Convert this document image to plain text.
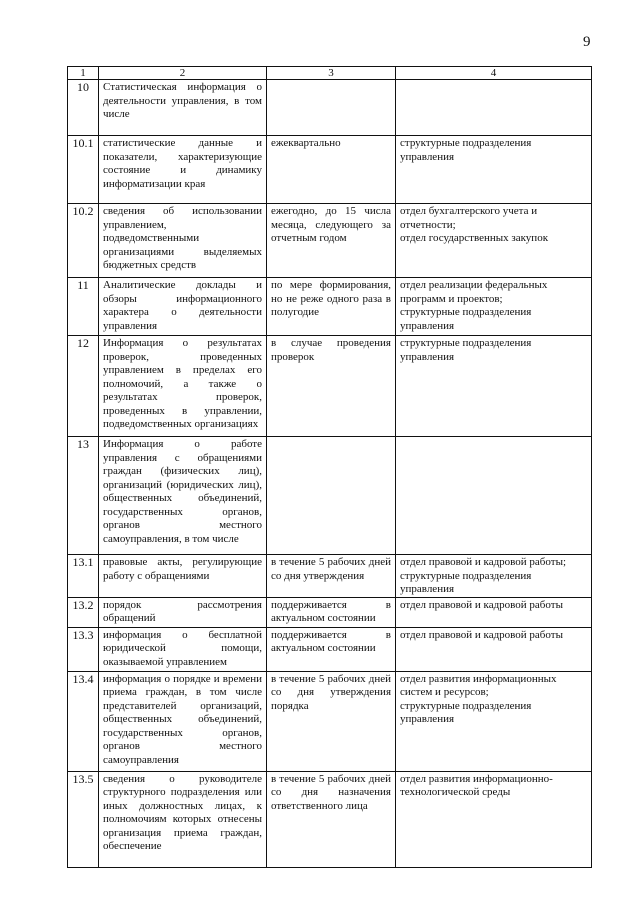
9
1	2	3	4
10	Статистическая информация о деятельности управления, в том числе		
10.1	статистические данные и показатели, характеризующие состояние и динамику информатизации края	ежеквартально	структурные подразделения управления

10.2	сведения об использовании управлением, подведомственными организациями выделяемых бюджетных средств	ежегодно, до 15 числа месяца, следующего за отчетным годом	отдел бухгалтерского учета и отчетности;
отдел государственных закупок

11	Аналитические доклады и обзоры информационного характера о деятельности управления	по мере формирования, но не реже одного раза в полугодие	отдел реализации федеральных программ и проектов;
структурные подразделения управления

12	Информация о результатах проверок, проведенных управлением в пределах его полномочий, а также о результатах проверок, проведенных в управлении, подведомственных организациях	в случае проведения проверок	структурные подразделения управления

13	Информация о работе управления с обращениями граждан (физических лиц), организаций (юридических лиц), общественных объединений, государственных органов, органов местного самоуправления, в том числе		
13.1	правовые акты, регулирующие работу с обращениями	в течение 5 рабочих дней со дня утверждения	отдел правовой и кадровой работы;
структурные подразделения управления

13.2	порядок рассмотрения обращений	поддерживается в актуальном состоянии	отдел правовой и кадровой работы

13.3	информация о бесплатной юридической помощи, оказываемой управлением	поддерживается в актуальном состоянии	отдел правовой и кадровой работы

13.4	информация о порядке и времени приема граждан, в том числе представителей организаций, общественных объединений, государственных органов, органов местного самоуправления	в течение 5 рабочих дней со дня утверждения порядка	отдел развития информационных систем и ресурсов;
структурные подразделения управления

13.5	сведения о руководителе структурного подразделения или иных должностных лицах, к полномочиям которых отнесены организация приема граждан, обеспечение	в течение 5 рабочих дней со дня назначения ответственного лица	отдел развития информационно-технологической среды
